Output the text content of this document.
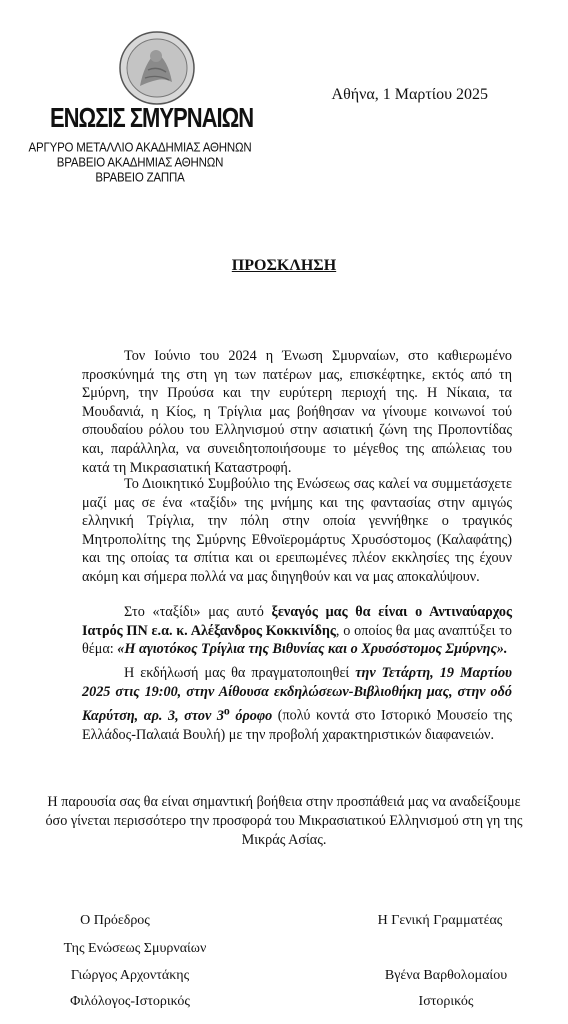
ΕΝΩΣΙΣ ΣΜΥΡΝΑΙΩΝ
ΑΡΓΥΡΟ ΜΕΤΑΛΛΙΟ ΑΚΑΔΗΜΙΑΣ ΑΘΗΝΩΝ
ΒΡΑΒΕΙΟ ΑΚΑΔΗΜΙΑΣ ΑΘΗΝΩΝ
ΒΡΑΒΕΙΟ ΖΑΠΠΑ
Αθήνα, 1 Μαρτίου 2025
ΠΡΟΣΚΛΗΣΗ

Τον Ιούνιο του 2024 η Ένωση Σμυρναίων, στο καθιερωμένο προσκύνημά της στη γη των πατέρων μας, επισκέφτηκε, εκτός από τη Σμύρνη, την Προύσα και την ευρύτερη περιοχή της. Η Νίκαια, τα Μουδανιά, η Κίος, η Τρίγλια μας βοήθησαν να γίνουμε κοινωνοί τού σπουδαίου ρόλου του Ελληνισμού στην ασιατική ζώνη της Προποντίδας και, παράλληλα, να συνειδητοποιήσουμε το μέγεθος της απώλειας του κατά τη Μικρασιατική Καταστροφή.

Το Διοικητικό Συμβούλιο της Ενώσεως σας καλεί να συμμετάσχετε μαζί μας σε ένα «ταξίδι» της μνήμης και της φαντασίας στην αμιγώς ελληνική Τρίγλια, την πόλη στην οποία γεννήθηκε ο τραγικός Μητροπολίτης της Σμύρνης Εθνοϊερομάρτυς Χρυσόστομος (Καλαφάτης) και της οποίας τα σπίτια και οι ερειπωμένες πλέον εκκλησίες της έχουν ακόμη και σήμερα πολλά να μας διηγηθούν και να μας αποκαλύψουν.

Στο «ταξίδι» μας αυτό ξεναγός μας θα είναι ο Αντιναύαρχος Ιατρός ΠΝ ε.α. κ. Αλέξανδρος Κοκκινίδης, ο οποίος θα μας αναπτύξει το θέμα: «Η αγιοτόκος Τρίγλια της Βιθυνίας και ο Χρυσόστομος Σμύρνης».

Η εκδήλωσή μας θα πραγματοποιηθεί την Τετάρτη, 19 Μαρτίου 2025 στις 19:00, στην Αίθουσα εκδηλώσεων-Βιβλιοθήκη μας, στην οδό Καρύτση, αρ. 3, στον $3^o$ όροφο (πολύ κοντά στο Ιστορικό Μουσείο της Ελλάδος-Παλαιά Βουλή) με την προβολή χαρακτηριστικών διαφανειών.

Η παρουσία σας θα είναι σημαντική βοήθεια στην προσπάθειά μας να αναδείξουμε όσο γίνεται περισσότερο την προσφορά του Μικρασιατικού Ελληνισμού στη γη της Μικράς Ασίας.

Ο Πρόεδρος
Της Ενώσεως Σμυρναίων
Γιώργος Αρχοντάκης
Φιλόλογος-Ιστορικός
Η Γενική Γραμματέας
Βγένα Βαρθολομαίου
Ιστορικός
